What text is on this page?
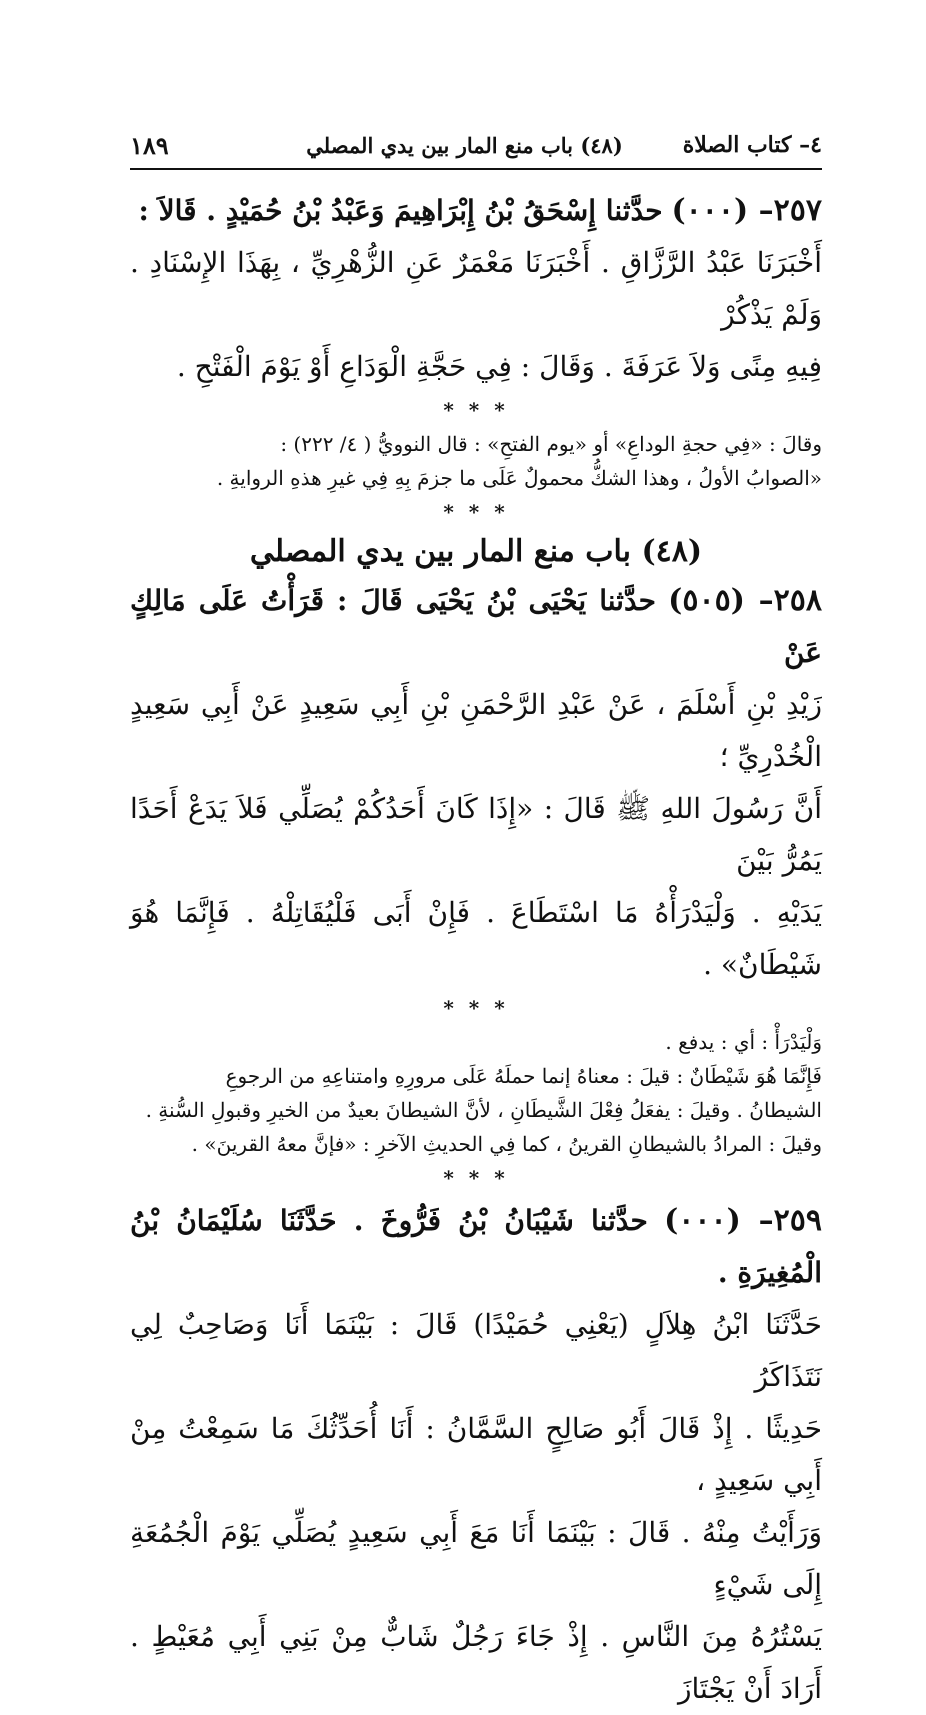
٤– كتاب الصلاة
(٤٨) باب منع المار بين يدي المصلي
١٨٩
٢٥٧– (٠٠٠) حدَّثنا إِسْحَقُ بْنُ إِبْرَاهِيمَ وَعَبْدُ بْنُ حُمَيْدٍ . قَالاَ :
أَخْبَرَنَا عَبْدُ الرَّزَّاقِ . أَخْبَرَنَا مَعْمَرٌ عَنِ الزُّهْرِيِّ ، بِهَذَا الإِسْنَادِ . وَلَمْ يَذْكُرْ
فِيهِ مِنًى وَلاَ عَرَفَةَ . وَقَالَ : فِي حَجَّةِ الْوَدَاعِ أَوْ يَوْمَ الْفَتْحِ .
* * *
وقالَ : «فِي حجةِ الوداعِ» أو «يوم الفتحِ» : قال النوويُّ ( ٤/ ٢٢٢) :
«الصوابُ الأولُ ، وهذا الشكُّ محمولٌ عَلَى ما جزمَ بِهِ فِي غيرِ هذهِ الروايةِ .
* * *
(٤٨) باب منع المار بين يدي المصلي
٢٥٨– (٥٠٥) حدَّثنا يَحْيَى بْنُ يَحْيَى قَالَ : قَرَأْتُ عَلَى مَالِكٍ عَنْ
زَيْدِ بْنِ أَسْلَمَ ، عَنْ عَبْدِ الرَّحْمَنِ بْنِ أَبِي سَعِيدٍ عَنْ أَبِي سَعِيدٍ الْخُدْرِيِّ ؛
أَنَّ رَسُولَ اللهِ ﷺ قَالَ : «إِذَا كَانَ أَحَدُكُمْ يُصَلِّي فَلاَ يَدَعْ أَحَدًا يَمُرُّ بَيْنَ
يَدَيْهِ . وَلْيَدْرَأْهُ مَا اسْتَطَاعَ . فَإِنْ أَبَى فَلْيُقَاتِلْهُ . فَإِنَّمَا هُوَ شَيْطَانٌ» .
* * *
وَلْيَدْرَأْ : أي : يدفع .
فَإِنَّمَا هُوَ شَيْطَانٌ : قيلَ : معناهُ إنما حملَهُ عَلَى مرورِهِ وامتناعِهِ من الرجوعِ
الشيطانُ . وقيلَ : يفعَلُ فِعْلَ الشَّيطَانِ ، لأنَّ الشيطانَ بعيدٌ من الخيرِ وقبولِ السُّنةِ .
وقيلَ : المرادُ بالشيطانِ القرينُ ، كما فِي الحديثِ الآخرِ : «فإنَّ معهُ القرينَ» .
* * *
٢٥٩– (٠٠٠) حدَّثنا شَيْبَانُ بْنُ فَرُّوخَ . حَدَّثَنَا سُلَيْمَانُ بْنُ الْمُغِيرَةِ .
حَدَّثَنَا ابْنُ هِلاَلٍ (يَعْنِي حُمَيْدًا) قَالَ : بَيْنَمَا أَنَا وَصَاحِبٌ لِي نَتَذَاكَرُ
حَدِيثًا . إِذْ قَالَ أَبُو صَالِحٍ السَّمَّانُ : أَنَا أُحَدِّثُكَ مَا سَمِعْتُ مِنْ أَبِي سَعِيدٍ ،
وَرَأَيْتُ مِنْهُ . قَالَ : بَيْنَمَا أَنَا مَعَ أَبِي سَعِيدٍ يُصَلِّي يَوْمَ الْجُمُعَةِ إِلَى شَيْءٍ
يَسْتُرُهُ مِنَ النَّاسِ . إِذْ جَاءَ رَجُلٌ شَابٌّ مِنْ بَنِي أَبِي مُعَيْطٍ . أَرَادَ أَنْ يَجْتَازَ
